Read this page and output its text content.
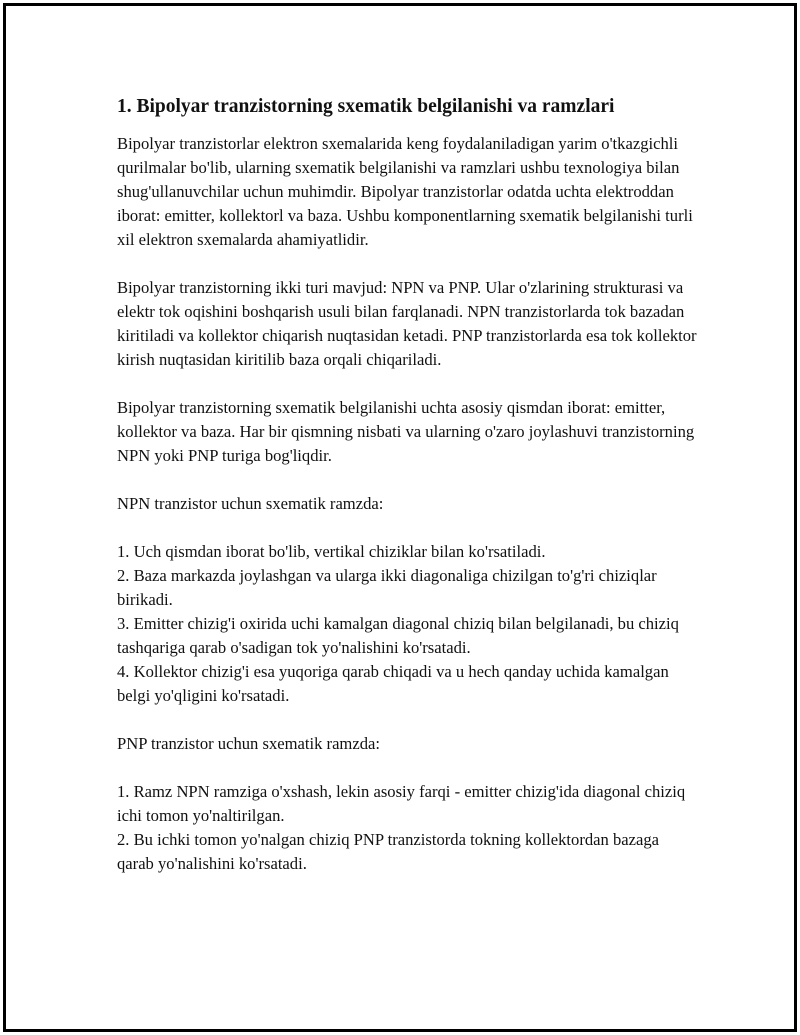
1. Bipolyar tranzistorning sxematik belgilanishi va ramzlari

Bipolyar tranzistorlar elektron sxemalarida keng foydalaniladigan yarim o'tkazgichli qurilmalar bo'lib, ularning sxematik belgilanishi va ramzlari ushbu texnologiya bilan shug'ullanuvchilar uchun muhimdir. Bipolyar tranzistorlar odatda uchta elektroddan iborat: emitter, kollektorl va baza. Ushbu komponentlarning sxematik belgilanishi turli xil elektron sxemalarda ahamiyatlidir.

Bipolyar tranzistorning ikki turi mavjud: NPN va PNP. Ular o'zlarining strukturasi va elektr tok oqishini boshqarish usuli bilan farqlanadi. NPN tranzistorlarda tok bazadan kiritiladi va kollektor chiqarish nuqtasidan ketadi. PNP tranzistorlarda esa tok kollektor kirish nuqtasidan kiritilib baza orqali chiqariladi.

Bipolyar tranzistorning sxematik belgilanishi uchta asosiy qismdan iborat: emitter, kollektor va baza. Har bir qismning nisbati va ularning o'zaro joylashuvi tranzistorning NPN yoki PNP turiga bog'liqdir.

NPN tranzistor uchun sxematik ramzda:

1. Uch qismdan iborat bo'lib, vertikal chiziklar bilan ko'rsatiladi.
2. Baza markazda joylashgan va ularga ikki diagonaliga chizilgan to'g'ri chiziqlar birikadi.
3. Emitter chizig'i oxirida uchi kamalgan diagonal chiziq bilan belgilanadi, bu chiziq tashqariga qarab o'sadigan tok yo'nalishini ko'rsatadi.
4. Kollektor chizig'i esa yuqoriga qarab chiqadi va u hech qanday uchida kamalgan belgi yo'qligini ko'rsatadi.

PNP tranzistor uchun sxematik ramzda:

1. Ramz NPN ramziga o'xshash, lekin asosiy farqi - emitter chizig'ida diagonal chiziq ichi tomon yo'naltirilgan.
2. Bu ichki tomon yo'nalgan chiziq PNP tranzistorda tokning kollektordan bazaga qarab yo'nalishini ko'rsatadi.
